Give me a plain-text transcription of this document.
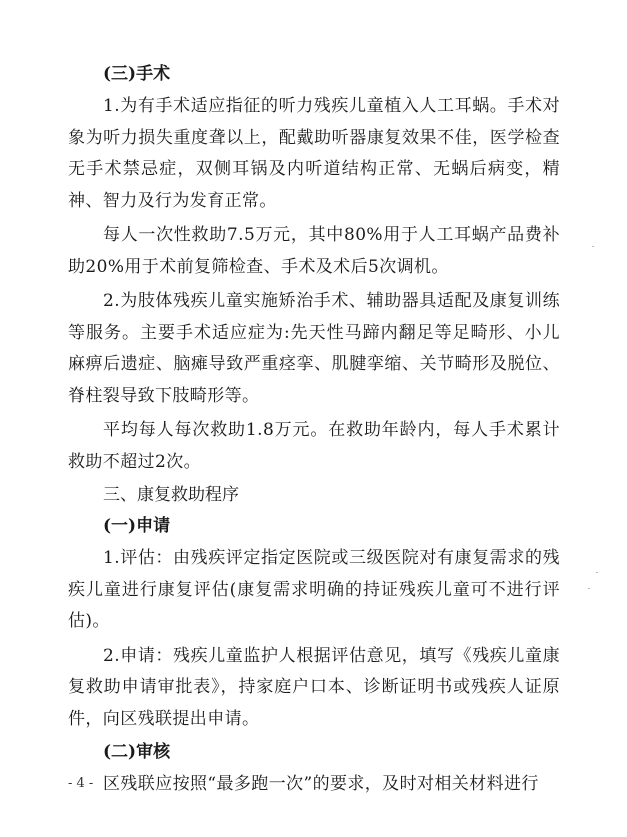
(三)手术
1.为有手术适应指征的听力残疾儿童植入人工耳蜗。手术对象为听力损失重度聋以上，配戴助听器康复效果不佳，医学检查无手术禁忌症，双侧耳锅及内听道结构正常、无蜗后病变，精神、智力及行为发育正常。
每人一次性救助7.5万元，其中80%用于人工耳蜗产品费补助20%用于术前复筛检查、手术及术后5次调机。
2.为肢体残疾儿童实施矫治手术、辅助器具适配及康复训练等服务。主要手术适应症为:先天性马蹄内翻足等足畸形、小儿麻痹后遗症、脑瘫导致严重痉挛、肌腱挛缩、关节畸形及脱位、脊柱裂导致下肢畸形等。
平均每人每次救助1.8万元。在救助年龄内，每人手术累计救助不超过2次。
三、康复救助程序
(一)申请
1.评估：由残疾评定指定医院或三级医院对有康复需求的残疾儿童进行康复评估(康复需求明确的持证残疾儿童可不进行评估)。
2.申请：残疾儿童监护人根据评估意见，填写《残疾儿童康复救助申请审批表》，持家庭户口本、诊断证明书或残疾人证原件，向区残联提出申请。
(二)审核
区残联应按照“最多跑一次”的要求，及时对相关材料进行
- 4 -
